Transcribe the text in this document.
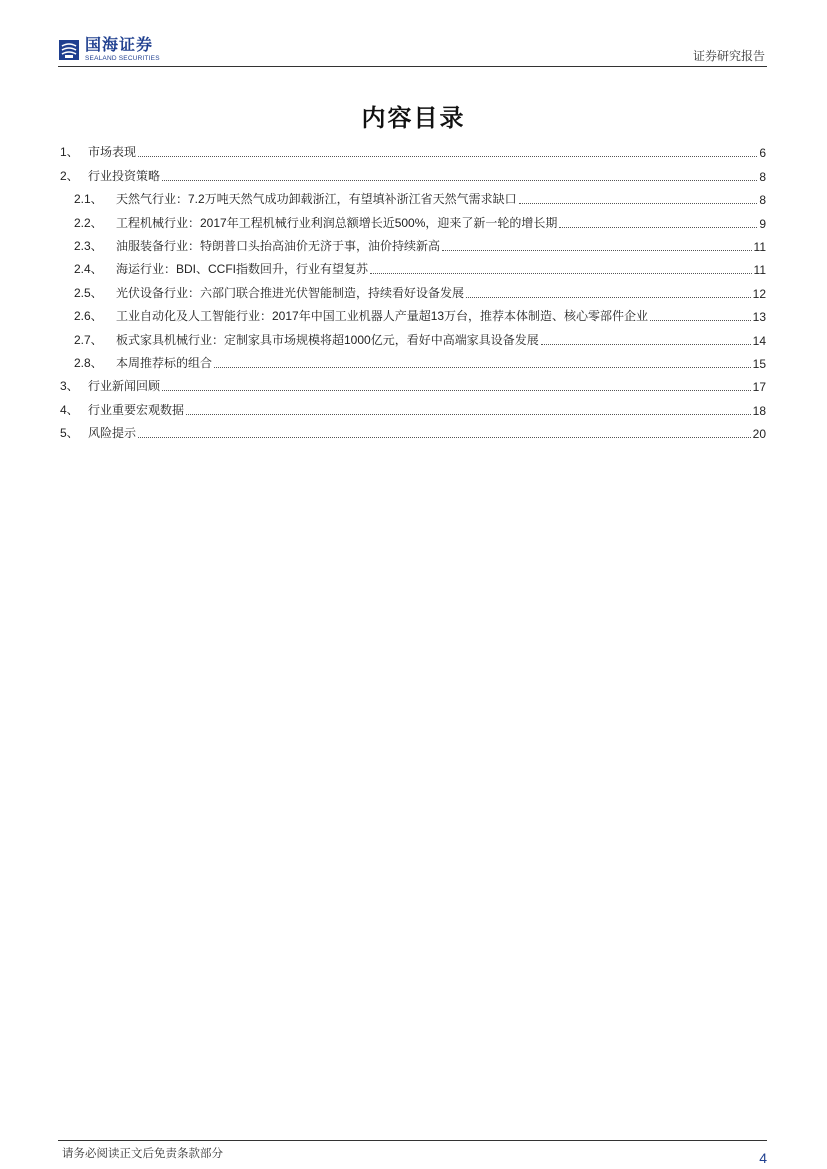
国海证券
SEALAND SECURITIES	证券研究报告
内容目录
1、 市场表现	6
2、 行业投资策略	8
2.1、	天然气行业：7.2万吨天然气成功卸载浙江，有望填补浙江省天然气需求缺口	8
2.2、	工程机械行业：2017年工程机械行业利润总额增长近500%，迎来了新一轮的增长期	9
2.3、	油服装备行业：特朗普口头抬高油价无济于事，油价持续新高	11
2.4、	海运行业：BDI、CCFI指数回升，行业有望复苏	11
2.5、	光伏设备行业：六部门联合推进光伏智能制造，持续看好设备发展	12
2.6、	工业自动化及人工智能行业：2017年中国工业机器人产量超13万台，推荐本体制造、核心零部件企业	13
2.7、	板式家具机械行业：定制家具市场规模将超1000亿元，看好中高端家具设备发展	14
2.8、	本周推荐标的组合	15
3、 行业新闻回顾	17
4、 行业重要宏观数据	18
5、 风险提示	20
请务必阅读正文后免责条款部分	4
